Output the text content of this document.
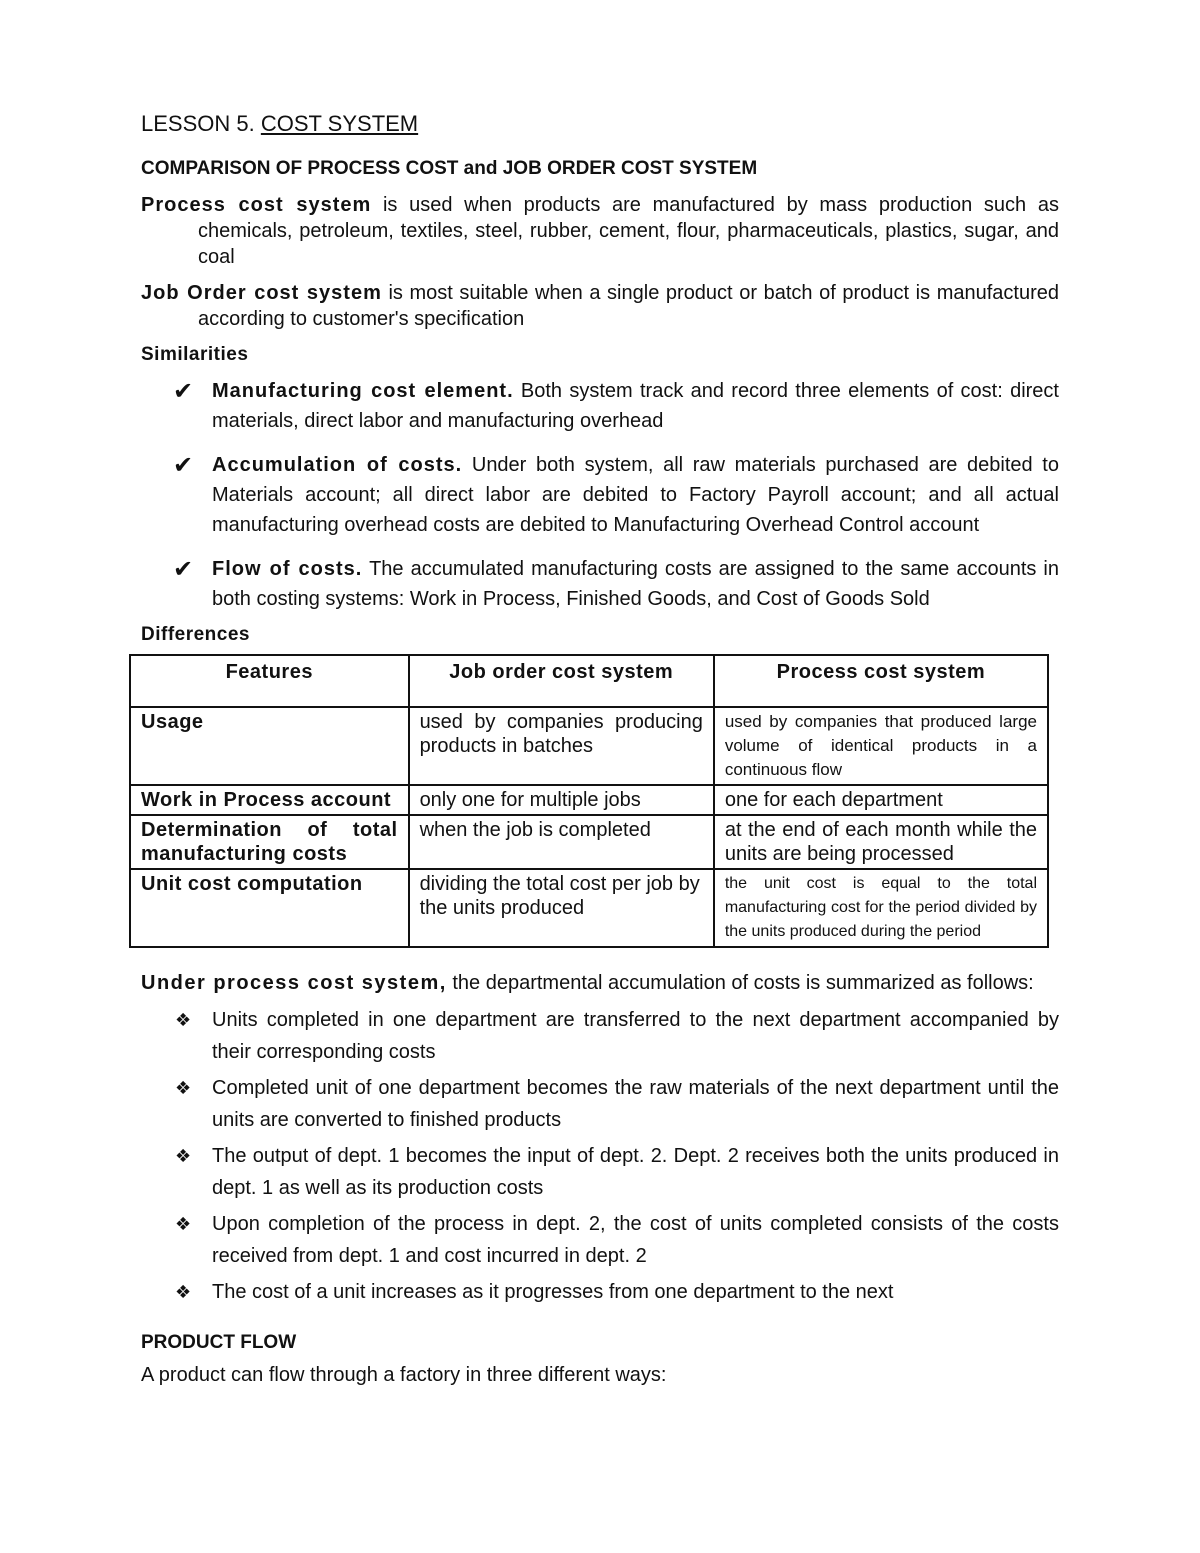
LESSON 5. COST SYSTEM

COMPARISON OF PROCESS COST and JOB ORDER COST SYSTEM

Process cost system is used when products are manufactured by mass production such as chemicals, petroleum, textiles, steel, rubber, cement, flour, pharmaceuticals, plastics, sugar, and coal

Job Order cost system is most suitable when a single product or batch of product is manufactured according to customer's specification

Similarities

✔ Manufacturing cost element. Both system track and record three elements of cost: direct materials, direct labor and manufacturing overhead
✔ Accumulation of costs. Under both system, all raw materials purchased are debited to Materials account; all direct labor are debited to Factory Payroll account; and all actual manufacturing overhead costs are debited to Manufacturing Overhead Control account
✔ Flow of costs. The accumulated manufacturing costs are assigned to the same accounts in both costing systems: Work in Process, Finished Goods, and Cost of Goods Sold

Differences

Features	Job order cost system	Process cost system
Usage	used by companies producing products in batches	used by companies that produced large volume of identical products in a continuous flow
Work in Process account	only one for multiple jobs	one for each department
Determination of total manufacturing costs	when the job is completed	at the end of each month while the units are being processed
Unit cost computation	dividing the total cost per job by the units produced	the unit cost is equal to the total manufacturing cost for the period divided by the units produced during the period

Under process cost system, the departmental accumulation of costs is summarized as follows:

❖ Units completed in one department are transferred to the next department accompanied by their corresponding costs
❖ Completed unit of one department becomes the raw materials of the next department until the units are converted to finished products
❖ The output of dept. 1 becomes the input of dept. 2. Dept. 2 receives both the units produced in dept. 1 as well as its production costs
❖ Upon completion of the process in dept. 2, the cost of units completed consists of the costs received from dept. 1 and cost incurred in dept. 2
❖ The cost of a unit increases as it progresses from one department to the next

PRODUCT FLOW

A product can flow through a factory in three different ways:
